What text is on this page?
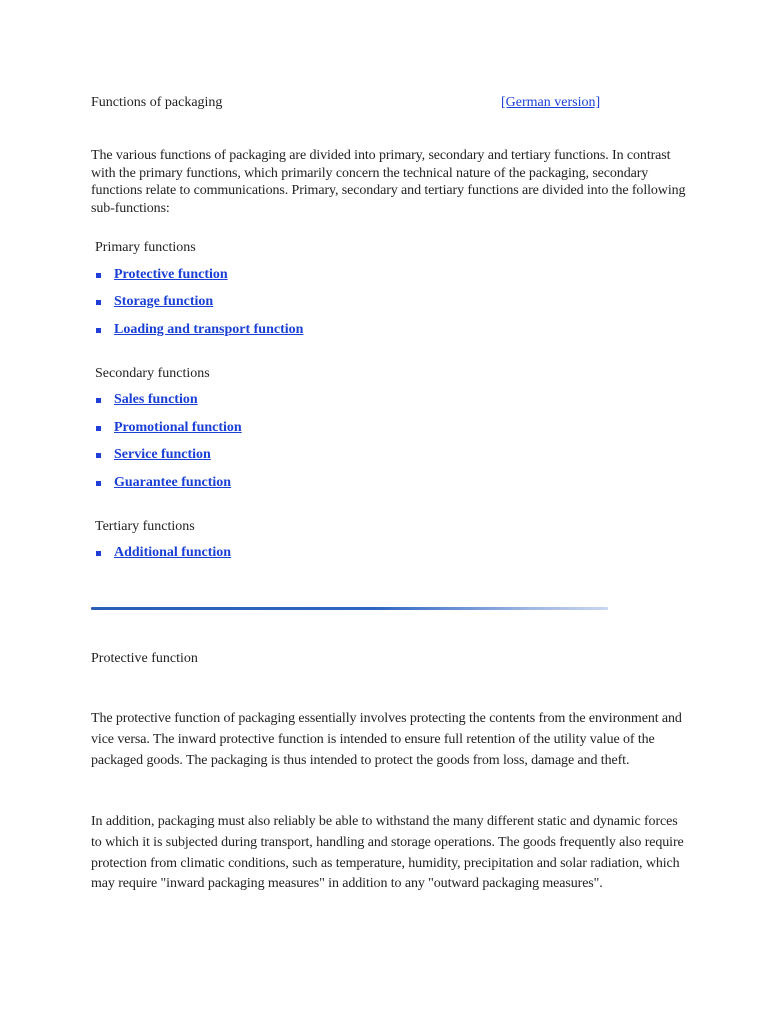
Functions of packaging	[German version]

The various functions of packaging are divided into primary, secondary and tertiary functions. In contrast with the primary functions, which primarily concern the technical nature of the packaging, secondary functions relate to communications. Primary, secondary and tertiary functions are divided into the following sub-functions:

Primary functions

Protective function
Storage function
Loading and transport function

Secondary functions

Sales function
Promotional function
Service function
Guarantee function

Tertiary functions

Additional function

Protective function

The protective function of packaging essentially involves protecting the contents from the environment and vice versa. The inward protective function is intended to ensure full retention of the utility value of the packaged goods. The packaging is thus intended to protect the goods from loss, damage and theft.

In addition, packaging must also reliably be able to withstand the many different static and dynamic forces to which it is subjected during transport, handling and storage operations. The goods frequently also require protection from climatic conditions, such as temperature, humidity, precipitation and solar radiation, which may require "inward packaging measures" in addition to any "outward packaging measures".
